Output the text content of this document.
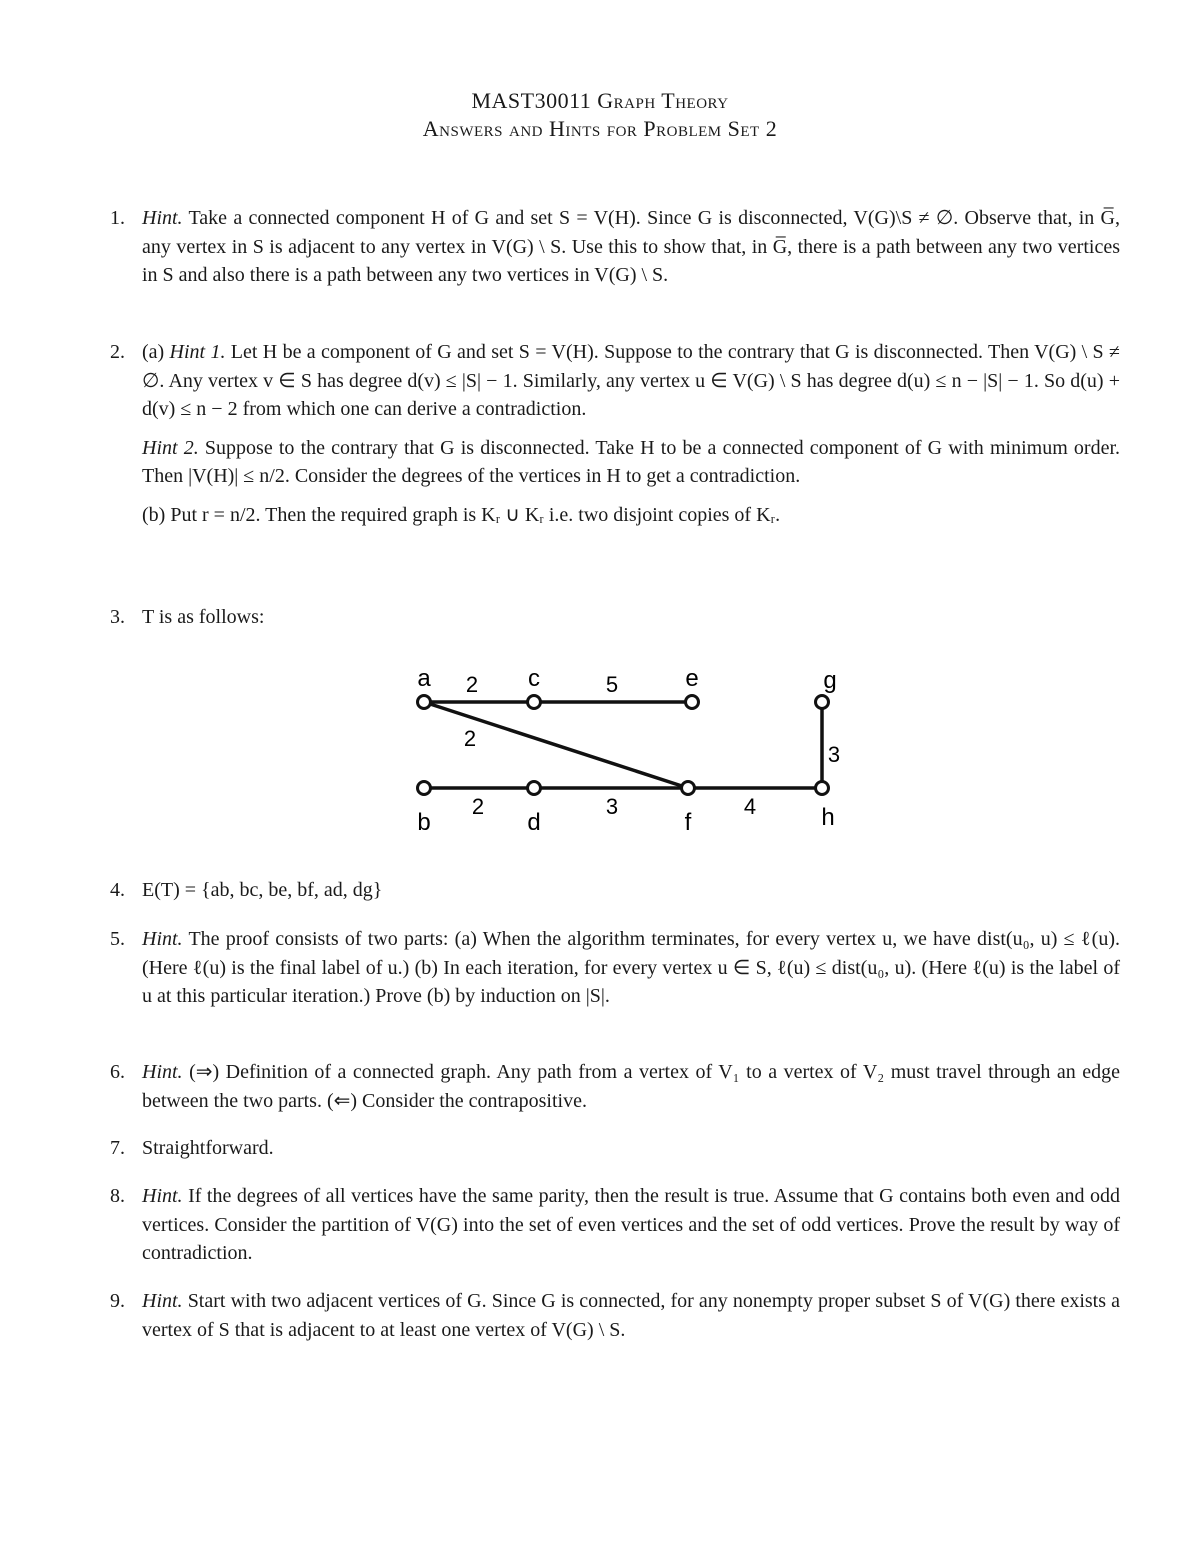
MAST30011 Graph Theory
Answers and Hints for Problem Set 2
1. Hint. Take a connected component H of G and set S = V(H). Since G is disconnected, V(G)\S ≠ ∅. Observe that, in G̅, any vertex in S is adjacent to any vertex in V(G) \ S. Use this to show that, in G̅, there is a path between any two vertices in S and also there is a path between any two vertices in V(G) \ S.

2. (a) Hint 1. Let H be a component of G and set S = V(H). Suppose to the contrary that G is disconnected. Then V(G) \ S ≠ ∅. Any vertex v ∈ S has degree d(v) ≤ |S| − 1. Similarly, any vertex u ∈ V(G) \ S has degree d(u) ≤ n − |S| − 1. So d(u) + d(v) ≤ n − 2 from which one can derive a contradiction.

Hint 2. Suppose to the contrary that G is disconnected. Take H to be a connected component of G with minimum order. Then |V(H)| ≤ n/2. Consider the degrees of the vertices in H to get a contradiction.

(b) Put r = n/2. Then the required graph is Kᵣ ∪ Kᵣ i.e. two disjoint copies of Kᵣ.

3. T is as follows:

a	c	e	g
b	d	f	h
2	5
2
2	3	4
3
4. E(T) = {ab, bc, be, bf, ad, dg}

5. Hint. The proof consists of two parts: (a) When the algorithm terminates, for every vertex u, we have dist(u₀, u) ≤ ℓ(u). (Here ℓ(u) is the final label of u.) (b) In each iteration, for every vertex u ∈ S, ℓ(u) ≤ dist(u₀, u). (Here ℓ(u) is the label of u at this particular iteration.) Prove (b) by induction on |S|.

6. Hint. (⇒) Definition of a connected graph. Any path from a vertex of V₁ to a vertex of V₂ must travel through an edge between the two parts. (⇐) Consider the contrapositive.

7. Straightforward.

8. Hint. If the degrees of all vertices have the same parity, then the result is true. Assume that G contains both even and odd vertices. Consider the partition of V(G) into the set of even vertices and the set of odd vertices. Prove the result by way of contradiction.

9. Hint. Start with two adjacent vertices of G. Since G is connected, for any nonempty proper subset S of V(G) there exists a vertex of S that is adjacent to at least one vertex of V(G) \ S.
